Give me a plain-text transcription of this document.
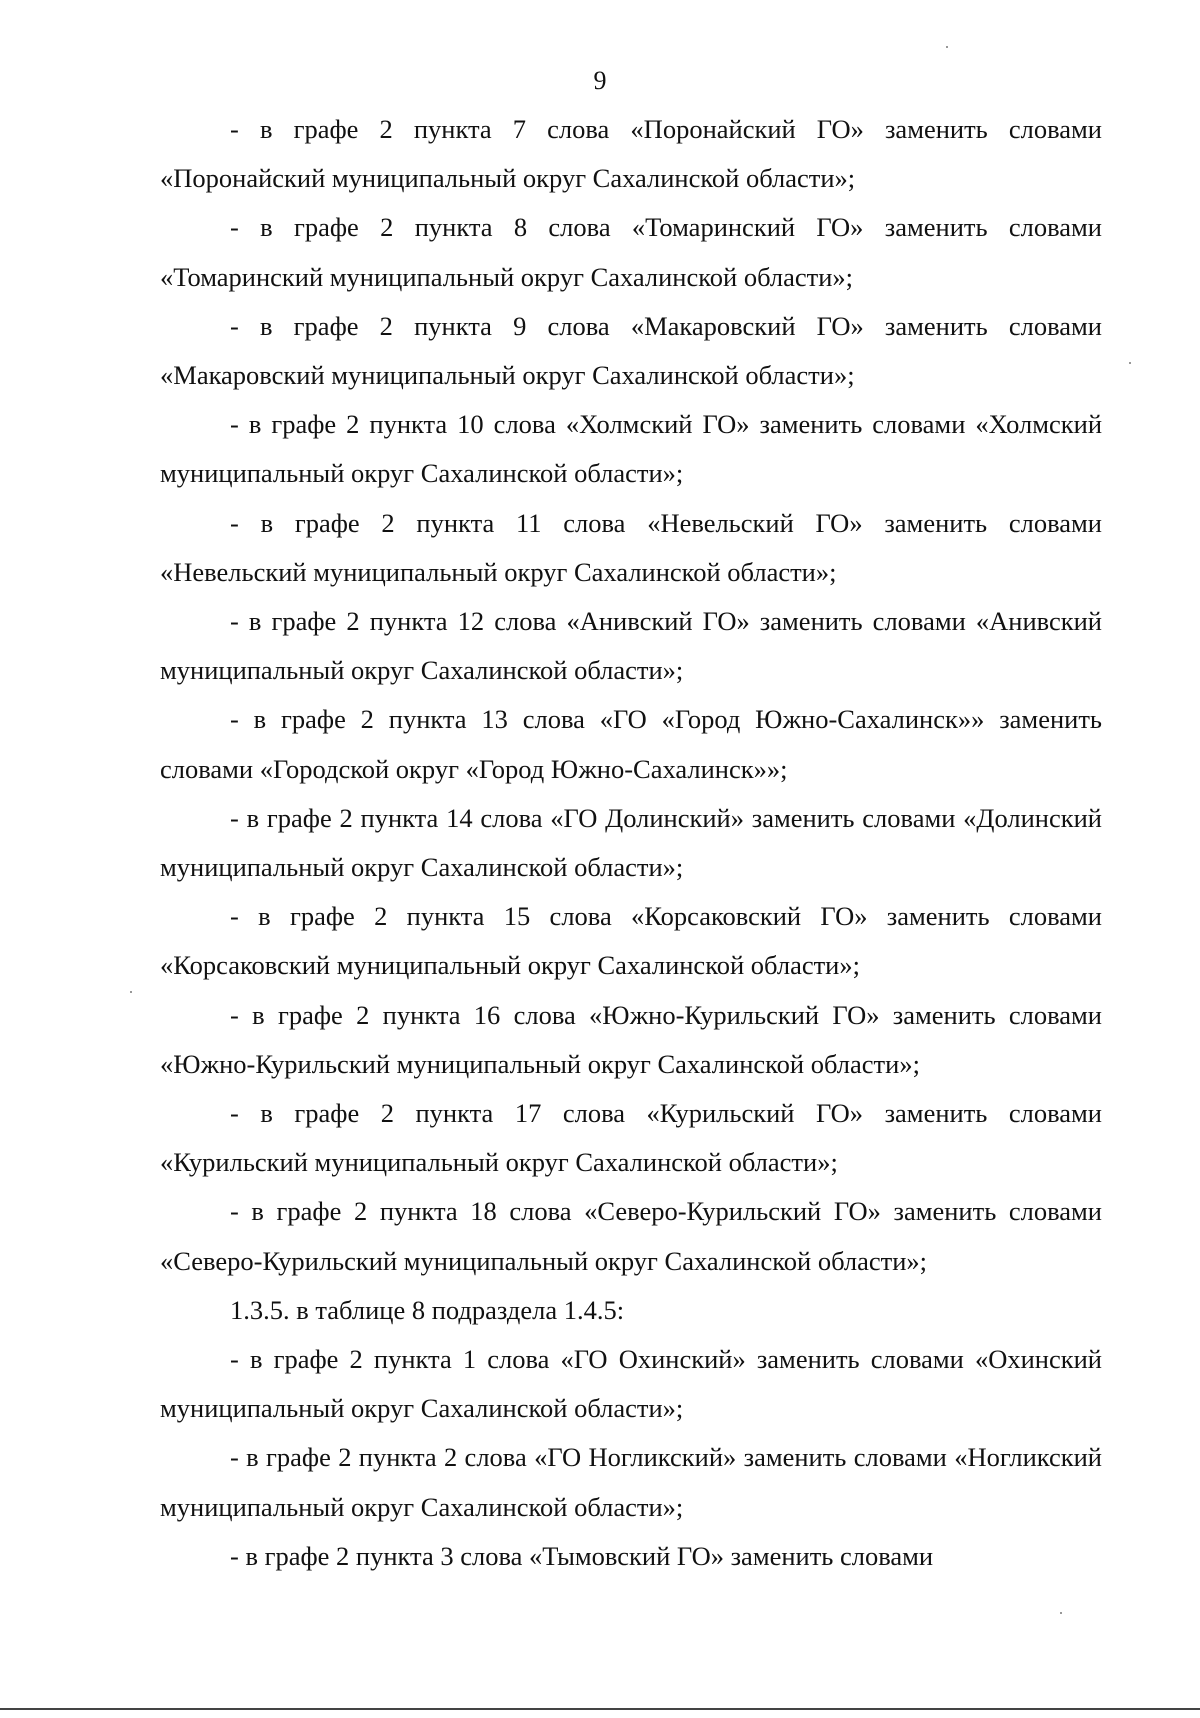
9

- в графе 2 пункта 7 слова «Поронайский ГО» заменить словами «Поронайский муниципальный округ Сахалинской области»;

- в графе 2 пункта 8 слова «Томаринский ГО» заменить словами «Томаринский муниципальный округ Сахалинской области»;

- в графе 2 пункта 9 слова «Макаровский ГО» заменить словами «Макаровский муниципальный округ Сахалинской области»;

- в графе 2 пункта 10 слова «Холмский ГО» заменить словами «Холмский муниципальный округ Сахалинской области»;

- в графе 2 пункта 11 слова «Невельский ГО» заменить словами «Невельский муниципальный округ Сахалинской области»;

- в графе 2 пункта 12 слова «Анивский ГО» заменить словами «Анивский муниципальный округ Сахалинской области»;

- в графе 2 пункта 13 слова «ГО «Город Южно-Сахалинск»» заменить словами «Городской округ «Город Южно-Сахалинск»»;

- в графе 2 пункта 14 слова «ГО Долинский» заменить словами «Долинский муниципальный округ Сахалинской области»;

- в графе 2 пункта 15 слова «Корсаковский ГО» заменить словами «Корсаковский муниципальный округ Сахалинской области»;

- в графе 2 пункта 16 слова «Южно-Курильский ГО» заменить словами «Южно-Курильский муниципальный округ Сахалинской области»;

- в графе 2 пункта 17 слова «Курильский ГО» заменить словами «Курильский муниципальный округ Сахалинской области»;

- в графе 2 пункта 18 слова «Северо-Курильский ГО» заменить словами «Северо-Курильский муниципальный округ Сахалинской области»;

1.3.5. в таблице 8 подраздела 1.4.5:

- в графе 2 пункта 1 слова «ГО Охинский» заменить словами «Охинский муниципальный округ Сахалинской области»;

- в графе 2 пункта 2 слова «ГО Ногликский» заменить словами «Ногликский муниципальный округ Сахалинской области»;

- в графе 2 пункта 3 слова «Тымовский ГО» заменить словами
